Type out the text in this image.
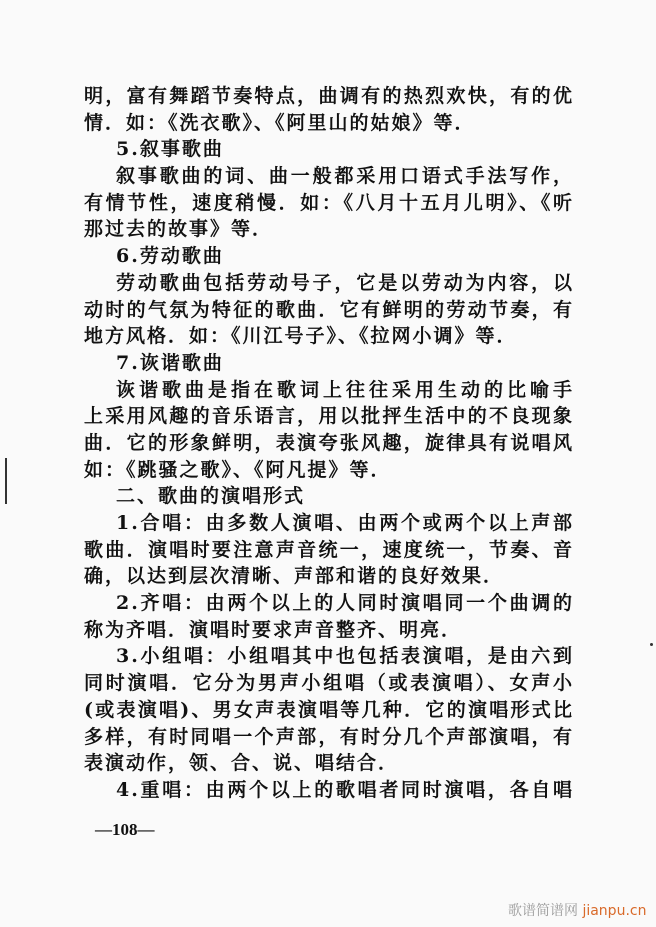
明，富有舞蹈节奏特点，曲调有的热烈欢快，有的优
情．如：《洗衣歌》、《阿里山的姑娘》等．
5.叙事歌曲
叙事歌曲的词、曲一般都采用口语式手法写作，
有情节性，速度稍慢．如：《八月十五月儿明》、《听
那过去的故事》等．
6.劳动歌曲
劳动歌曲包括劳动号子，它是以劳动为内容，以
动时的气氛为特征的歌曲．它有鲜明的劳动节奏，有
地方风格．如：《川江号子》、《拉网小调》等．
7.诙谐歌曲
诙谐歌曲是指在歌词上往往采用生动的比喻手
上采用风趣的音乐语言，用以批抨生活中的不良现象
曲．它的形象鲜明，表演夸张风趣，旋律具有说唱风
如：《跳骚之歌》、《阿凡提》等．
二、歌曲的演唱形式
1.合唱：由多数人演唱、由两个或两个以上声部
歌曲．演唱时要注意声音统一，速度统一，节奏、音
确，以达到层次清晰、声部和谐的良好效果．
2.齐唱：由两个以上的人同时演唱同一个曲调的
称为齐唱．演唱时要求声音整齐、明亮．
3.小组唱：小组唱其中也包括表演唱，是由六到
同时演唱．它分为男声小组唱（或表演唱）、女声小
(或表演唱)、男女声表演唱等几种．它的演唱形式比
多样，有时同唱一个声部，有时分几个声部演唱，有
表演动作，领、合、说、唱结合．
4.重唱：由两个以上的歌唱者同时演唱，各自唱
—108—
歌谱简谱网 jianpu.cn
